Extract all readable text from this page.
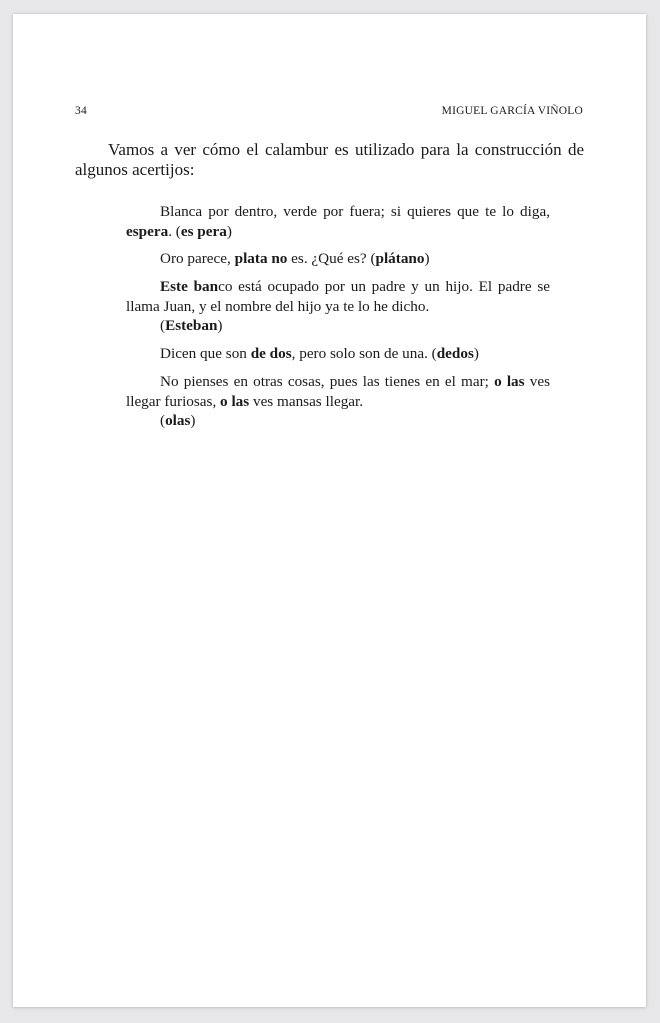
34	MIGUEL GARCÍA VIÑOLO

Vamos a ver cómo el calambur es utilizado para la construcción de algunos acertijos:

Blanca por dentro, verde por fuera; si quieres que te lo diga, espera. (es pera)

Oro parece, plata no es. ¿Qué es? (plátano)

Este banco está ocupado por un padre y un hijo. El padre se llama Juan, y el nombre del hijo ya te lo he dicho.
(Esteban)

Dicen que son de dos, pero solo son de una. (dedos)

No pienses en otras cosas, pues las tienes en el mar; o las ves llegar furiosas, o las ves mansas llegar.
(olas)
